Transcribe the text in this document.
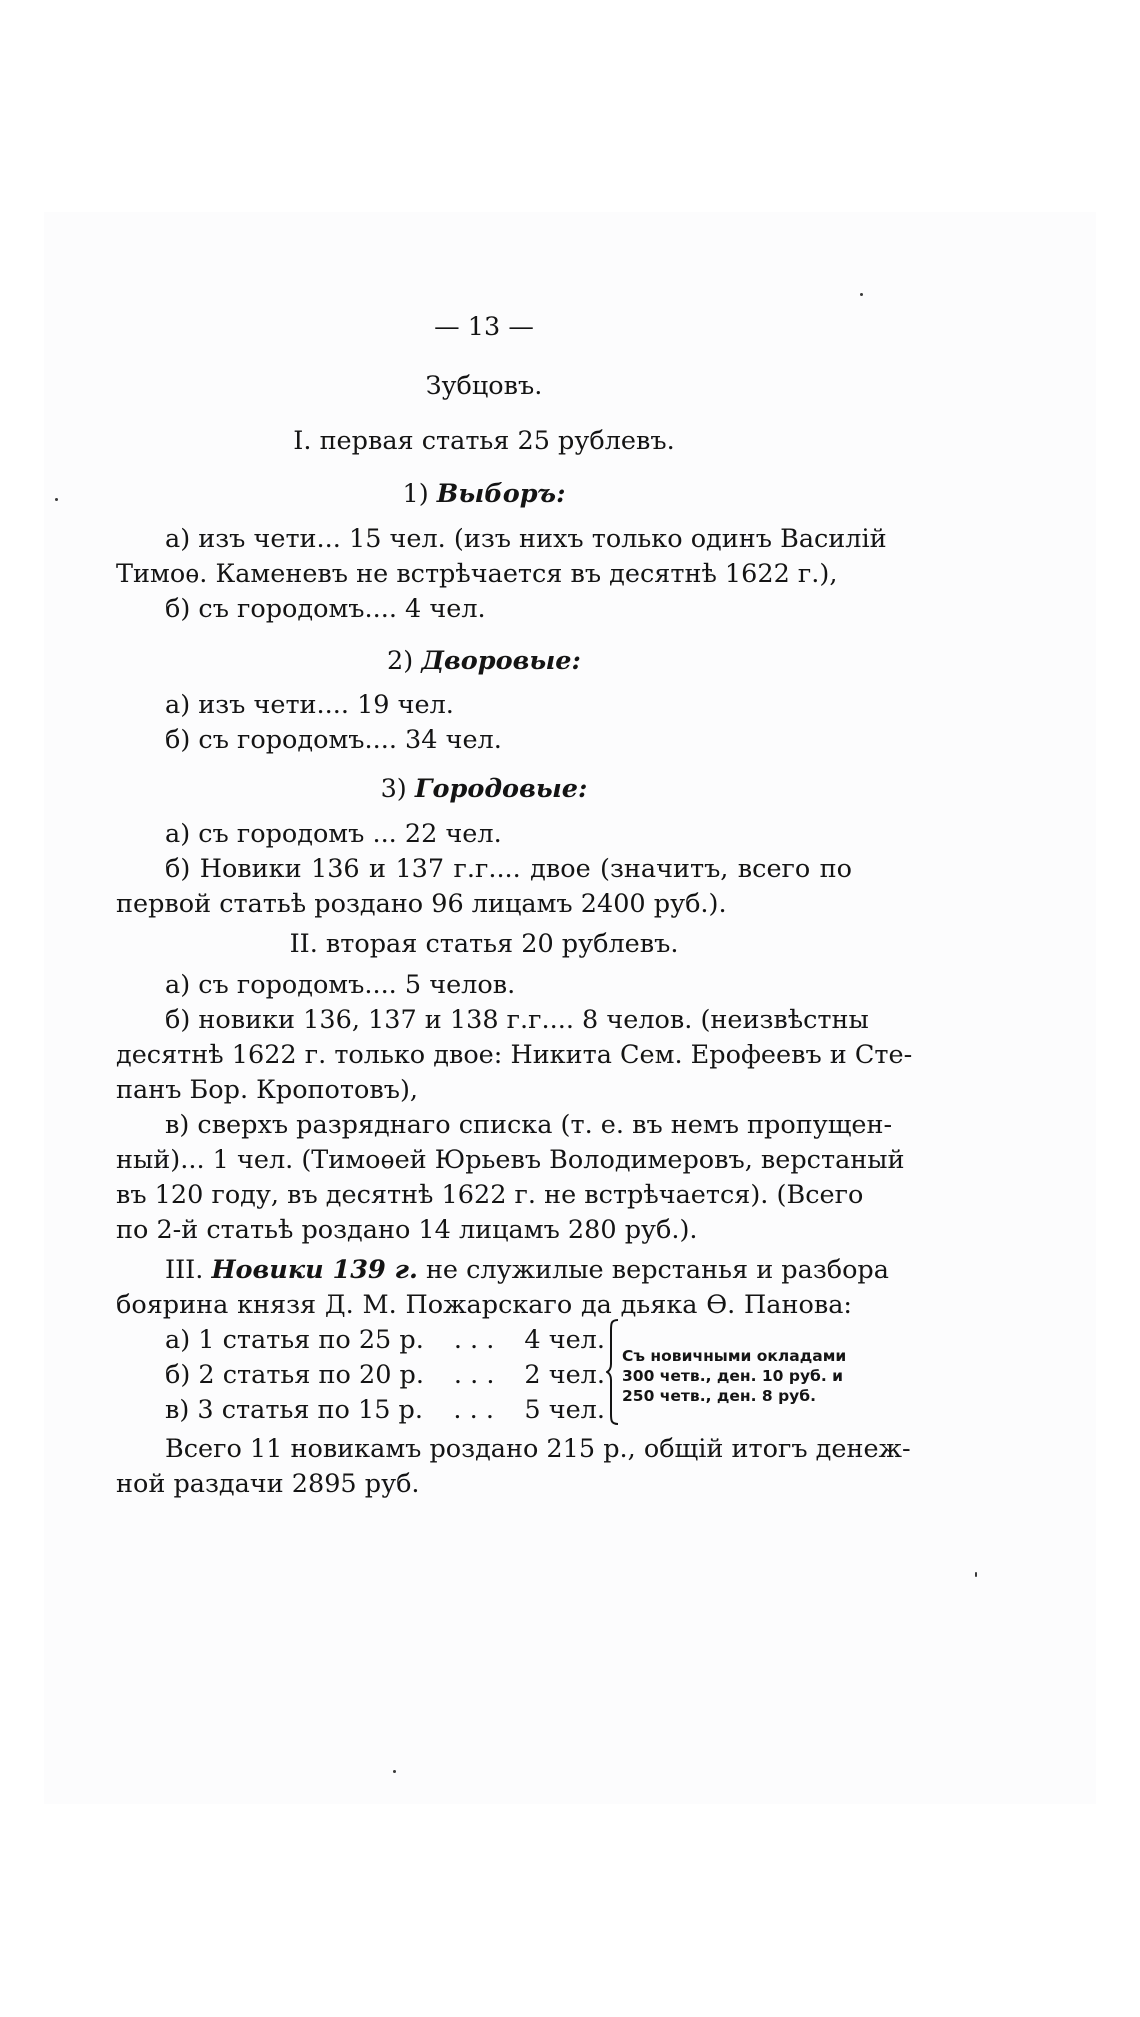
— 13 —
Зубцовъ.
I. первая статья 25 рублевъ.
1) Выборъ:
а) изъ чети... 15 чел. (изъ нихъ только одинъ Василій
Тимоѳ. Каменевъ не встрѣчается въ десятнѣ 1622 г.),
б) съ городомъ.... 4 чел.
2) Дворовые:
а) изъ чети.... 19 чел.
б) съ городомъ.... 34 чел.
3) Городовые:
а) съ городомъ ... 22 чел.
б) Новики 136 и 137 г.г.... двое (значитъ, всего по
первой статьѣ роздано 96 лицамъ 2400 руб.).
II. вторая статья 20 рублевъ.
а) съ городомъ.... 5 челов.
б) новики 136, 137 и 138 г.г.... 8 челов. (неизвѣстны
десятнѣ 1622 г. только двое: Никита Сем. Ерофеевъ и Сте-
панъ Бор. Кропотовъ),
в) сверхъ разряднаго списка (т. е. въ немъ пропущен-
ный)... 1 чел. (Тимоѳей Юрьевъ Володимеровъ, верстаный
въ 120 году, въ десятнѣ 1622 г. не встрѣчается). (Всего
по 2-й статьѣ роздано 14 лицамъ 280 руб.).
III. Новики 139 г. не служилые верстанья и разбора
боярина князя Д. М. Пожарскаго да дьяка Ѳ. Панова:
а) 1 статья по 25 р. . . . 4 чел.
б) 2 статья по 20 р. . . . 2 чел.
в) 3 статья по 15 р. . . . 5 чел.
Съ новичными окладами
300 четв., ден. 10 руб. и
250 четв., ден. 8 руб.
Всего 11 новикамъ роздано 215 р., общій итогъ денеж-
ной раздачи 2895 руб.
